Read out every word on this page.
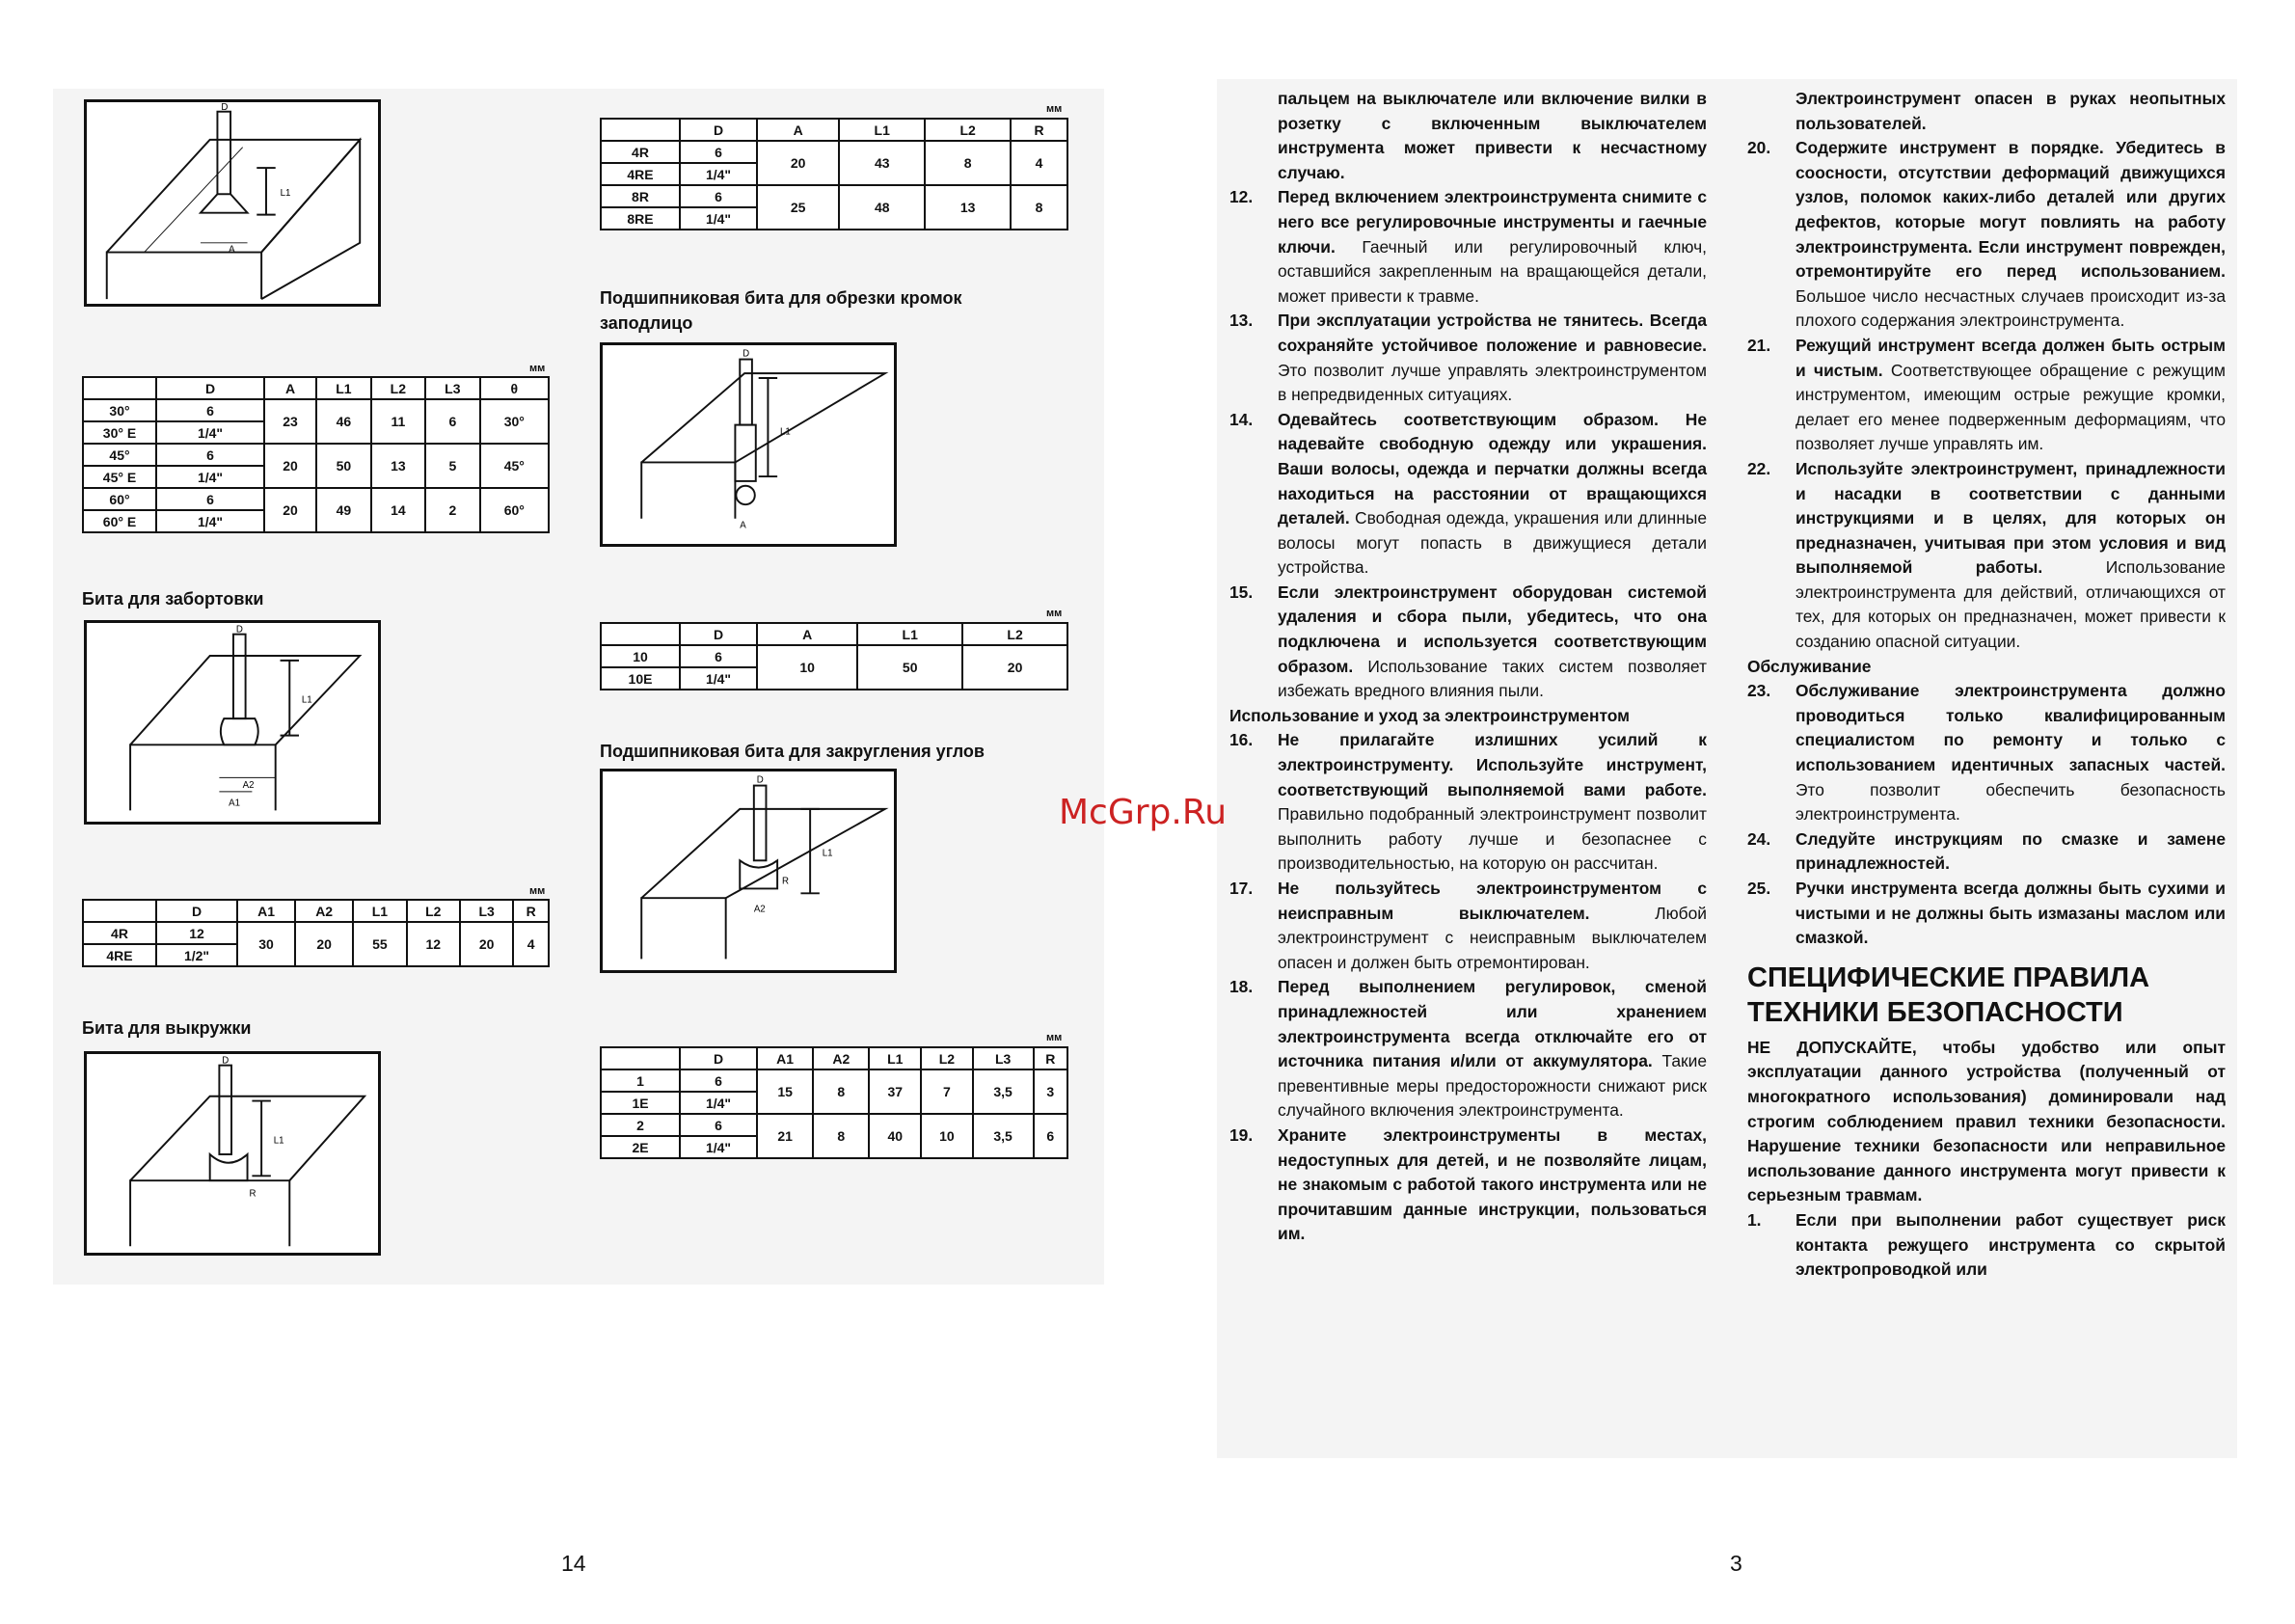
D
L1
A
мм
	D	A	L1	L2	L3	θ
30°	6	23	46	11	6	30°
30° E	1/4"					
45°	6	20	50	13	5	45°
45° E	1/4"					
60°	6	20	49	14	2	60°
60° E	1/4"					
Бита для забортовки
D
L1
A2
A1
мм
	D	A1	A2	L1	L2	L3	R
4R	12	30	20	55	12	20	4
4RE	1/2"						
Бита для выкружки
D
L1
R
мм
	D	A	L1	L2	R
4R	6	20	43	8	4
4RE	1/4"				
8R	6	25	48	13	8
8RE	1/4"				
Подшипниковая бита для обрезки кромок заподлицо
D
L1
A
мм
	D	A	L1	L2
10	6	10	50	20
10E	1/4"			
Подшипниковая бита для закругления углов
D
L1
R
A2
мм
	D	A1	A2	L1	L2	L3	R
1	6	15	8	37	7	3,5	3
1E	1/4"						
2	6	21	8	40	10	3,5	6
2E	1/4"						
14
пальцем на выключателе или включение вилки в розетку с включенным выключателем инструмента может привести к несчастному случаю.
12.	Перед включением электроинструмента снимите с него все регулировочные инструменты и гаечные ключи. Гаечный или регулировочный ключ, оставшийся закрепленным на вращающейся детали, может привести к травме.
13.	При эксплуатации устройства не тянитесь. Всегда сохраняйте устойчивое положение и равновесие. Это позволит лучше управлять электроинструментом в непредвиденных ситуациях.
14.	Одевайтесь соответствующим образом. Не надевайте свободную одежду или украшения. Ваши волосы, одежда и перчатки должны всегда находиться на расстоянии от вращающихся деталей. Свободная одежда, украшения или длинные волосы могут попасть в движущиеся детали устройства.
15.	Если электроинструмент оборудован системой удаления и сбора пыли, убедитесь, что она подключена и используется соответствующим образом. Использование таких систем позволяет избежать вредного влияния пыли.
Использование и уход за электроинструментом
16.	Не прилагайте излишних усилий к электроинструменту. Используйте инструмент, соответствующий выполняемой вами работе. Правильно подобранный электроинструмент позволит выполнить работу лучше и безопаснее с производительностью, на которую он рассчитан.
17.	Не пользуйтесь электроинструментом с неисправным выключателем. Любой электроинструмент с неисправным выключателем опасен и должен быть отремонтирован.
18.	Перед выполнением регулировок, сменой принадлежностей или хранением электроинструмента всегда отключайте его от источника питания и/или от аккумулятора. Такие превентивные меры предосторожности снижают риск случайного включения электроинструмента.
19.	Храните электроинструменты в местах, недоступных для детей, и не позволяйте лицам, не знакомым с работой такого инструмента или не прочитавшим данные инструкции, пользоваться им.
Электроинструмент опасен в руках неопытных пользователей.
20.	Содержите инструмент в порядке. Убедитесь в соосности, отсутствии деформаций движущихся узлов, поломок каких-либо деталей или других дефектов, которые могут повлиять на работу электроинструмента. Если инструмент поврежден, отремонтируйте его перед использованием. Большое число несчастных случаев происходит из-за плохого содержания электроинструмента.
21.	Режущий инструмент всегда должен быть острым и чистым. Соответствующее обращение с режущим инструментом, имеющим острые режущие кромки, делает его менее подверженным деформациям, что позволяет лучше управлять им.
22.	Используйте электроинструмент, принадлежности и насадки в соответствии с данными инструкциями и в целях, для которых он предназначен, учитывая при этом условия и вид выполняемой работы. Использование электроинструмента для действий, отличающихся от тех, для которых он предназначен, может привести к созданию опасной ситуации.
Обслуживание
23.	Обслуживание электроинструмента должно проводиться только квалифицированным специалистом по ремонту и только с использованием идентичных запасных частей. Это позволит обеспечить безопасность электроинструмента.
24.	Следуйте инструкциям по смазке и замене принадлежностей.
25.	Ручки инструмента всегда должны быть сухими и чистыми и не должны быть измазаны маслом или смазкой.
СПЕЦИФИЧЕСКИЕ ПРАВИЛА
ТЕХНИКИ БЕЗОПАСНОСТИ
НЕ ДОПУСКАЙТЕ, чтобы удобство или опыт эксплуатации данного устройства (полученный от многократного использования) доминировали над строгим соблюдением правил техники безопасности. Нарушение техники безопасности или неправильное использование данного инструмента могут привести к серьезным травмам.
1.	Если при выполнении работ существует риск контакта режущего инструмента со скрытой электропроводкой или
McGrp.Ru
3
